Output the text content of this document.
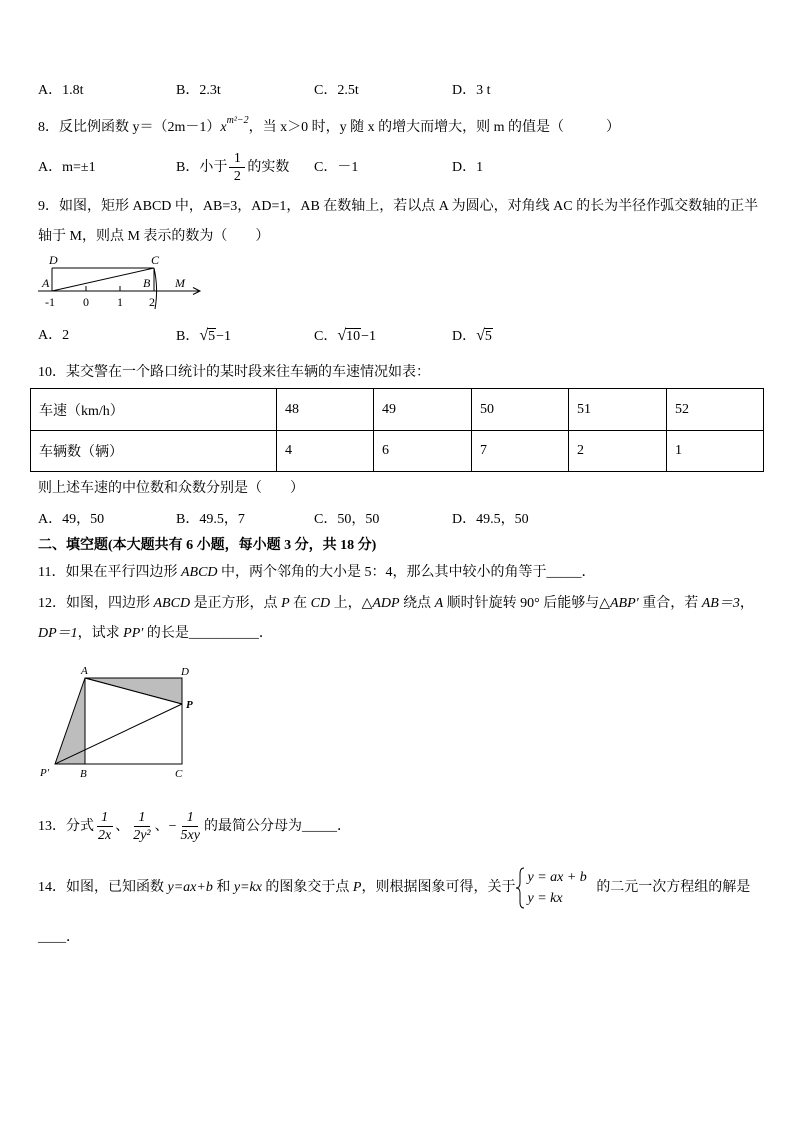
A．1.8t	B．2.3t	C．2.5t	D．3 t
8．反比例函数 $y=(2m-1)x^{m^2-2}$，当 x＞0 时，y 随 x 的增大而增大，则 m 的值是（　　　）
A．m=±1	B．小于 $\frac{1}{2}$ 的实数 C．－1	D．1
9．如图，矩形 ABCD 中，AB=3，AD=1，AB 在数轴上，若以点 A 为圆心，对角线 AC 的长为半径作弧交数轴的正半
轴于 M，则点 M 表示的数为（　　）
D	C
A	B M
-1 0 1 2
A．2	B．√5−1	C．√10−1	D．√5
10．某交警在一个路口统计的某时段来往车辆的车速情况如表：
车速（km/h）	48	49	50	51	52
车辆数（辆）	4	6	7	2	1
则上述车速的中位数和众数分别是（　　）
A．49，50	B．49.5，7	C．50，50	D．49.5，50
二、填空题(本大题共有 6 小题，每小题 3 分，共 18 分)
11．如果在平行四边形 ABCD 中，两个邻角的大小是 5：4，那么其中较小的角等于_____．
12．如图，四边形 ABCD 是正方形，点 P 在 CD 上，△ADP 绕点 A 顺时针旋转 90° 后能够与△ABP′ 重合，若 AB＝3，
DP＝1，试求 PP′ 的长是__________．
A	D
P
P′	B	C
13．分式 $\frac{1}{2x}$ 、 $\frac{1}{\text{2y²}}$ 、 − $\frac{1}{5xy}$ 的最简公分母为 _____ ．
14．如图，已知函数 y=ax+b 和 y=kx 的图象交于点 P ，则根据图象可得，关于
y = ax + b
y = kx
的二元一次方程组的解是
____．
